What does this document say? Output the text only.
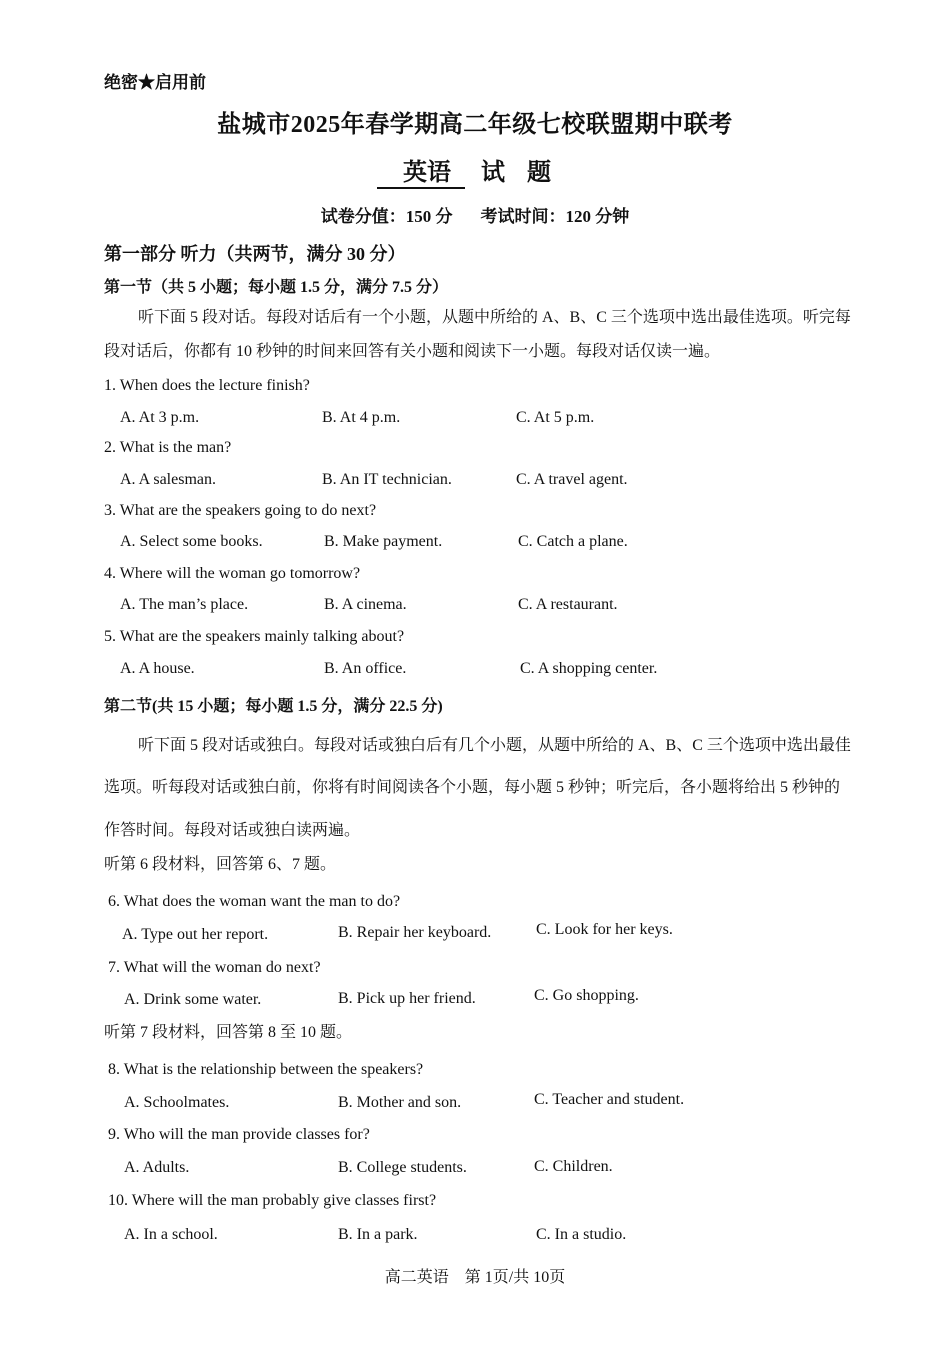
绝密★启用前
盐城市2025年春学期高二年级七校联盟期中联考
英语 试题
试卷分值：150 分 考试时间：120 分钟
第一部分 听力（共两节，满分 30 分）
第一节（共 5 小题；每小题 1.5 分，满分 7.5 分）
听下面 5 段对话。每段对话后有一个小题，从题中所给的 A、B、C 三个选项中选出最佳选项。听完每
段对话后，你都有 10 秒钟的时间来回答有关小题和阅读下一小题。每段对话仅读一遍。
1. When does the lecture finish?
A. At 3 p.m.	B. At 4 p.m.	C. At 5 p.m.
2. What is the man?
A. A salesman.	B. An IT technician.	C. A travel agent.
3. What are the speakers going to do next?
A. Select some books.	B. Make payment.	C. Catch a plane.
4. Where will the woman go tomorrow?
A. The man’s place.	B. A cinema.	C. A restaurant.
5. What are the speakers mainly talking about?
A. A house.	B. An office.	C. A shopping center.
第二节(共 15 小题；每小题 1.5 分，满分 22.5 分)
听下面 5 段对话或独白。每段对话或独白后有几个小题，从题中所给的 A、B、C 三个选项中选出最佳
选项。听每段对话或独白前，你将有时间阅读各个小题，每小题 5 秒钟；听完后，各小题将给出 5 秒钟的
作答时间。每段对话或独白读两遍。
听第 6 段材料，回答第 6、7 题。
6. What does the woman want the man to do?
A. Type out her report.	B. Repair her keyboard.	C. Look for her keys.
7. What will the woman do next?
A. Drink some water.	B. Pick up her friend.	C. Go shopping.
听第 7 段材料，回答第 8 至 10 题。
8. What is the relationship between the speakers?
A. Schoolmates.	B. Mother and son.	C. Teacher and student.
9. Who will the man provide classes for?
A. Adults.	B. College students.	C. Children.
10. Where will the man probably give classes first?
A. In a school.	B. In a park.	C. In a studio.
高二英语　第 1页/共 10页
